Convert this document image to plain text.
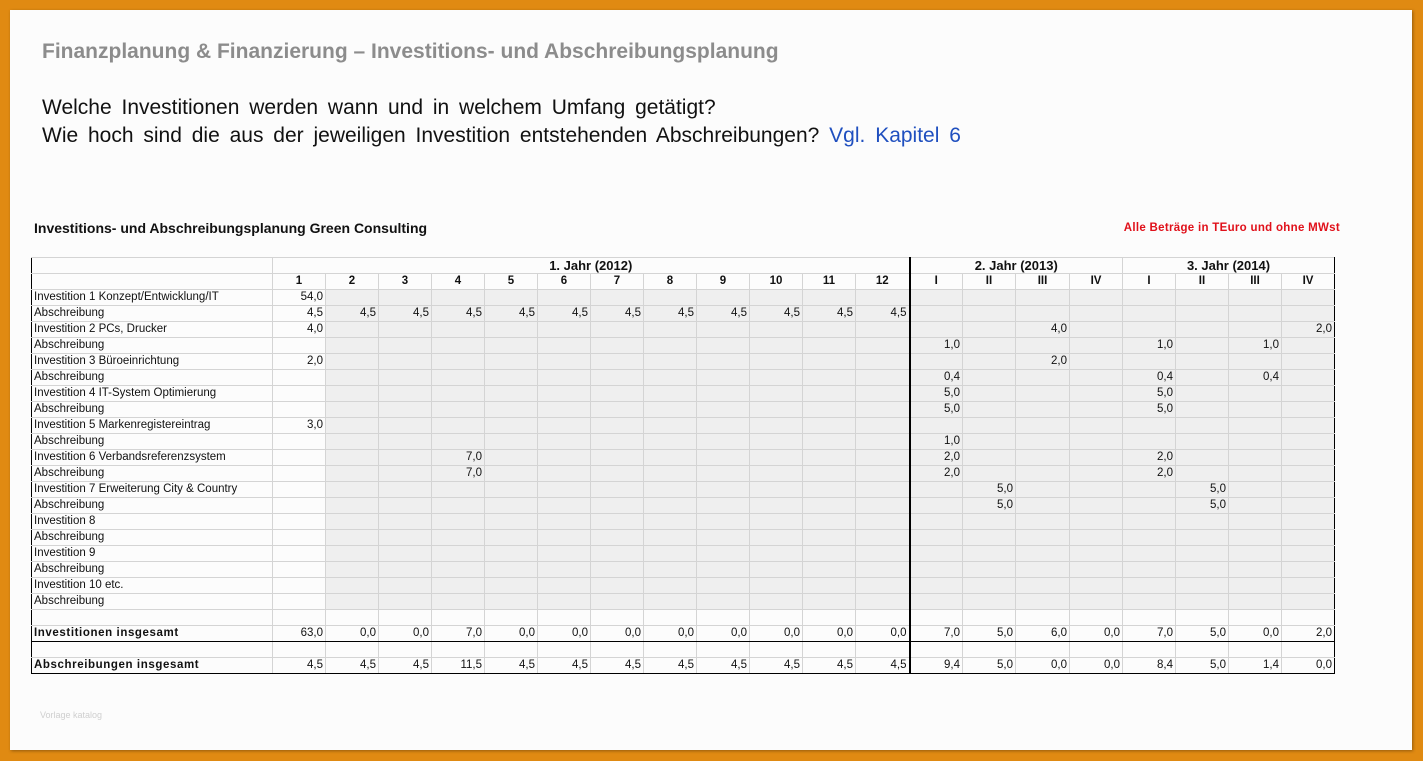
Finanzplanung & Finanzierung – Investitions- und Abschreibungsplanung
Welche Investitionen werden wann und in welchem Umfang getätigt?
Wie hoch sind die aus der jeweiligen Investition entstehenden Abschreibungen? Vgl. Kapitel 6
Investitions- und Abschreibungsplanung Green Consulting	Alle Beträge in TEuro und ohne MWst
	1. Jahr (2012)												2. Jahr (2013)				3. Jahr (2014)			
	1	2	3	4	5	6	7	8	9	10	11	12	I	II	III	IV	I	II	III	IV
Investition 1 Konzept/Entwicklung/IT	54,0																			
Abschreibung	4,5	4,5	4,5	4,5	4,5	4,5	4,5	4,5	4,5	4,5	4,5	4,5								
Investition 2 PCs, Drucker	4,0														4,0					2,0
Abschreibung													1,0				1,0		1,0	
Investition 3 Büroeinrichtung	2,0														2,0					
Abschreibung													0,4				0,4		0,4	
Investition 4 IT-System Optimierung													5,0				5,0			
Abschreibung													5,0				5,0			
Investition 5 Markenregistereintrag	3,0																			
Abschreibung													1,0							
Investition 6 Verbandsreferenzsystem				7,0									2,0				2,0			
Abschreibung				7,0									2,0				2,0			
Investition 7 Erweiterung City & Country														5,0				5,0		
Abschreibung														5,0				5,0		
Investition 8																				
Abschreibung																				
Investition 9																				
Abschreibung																				
Investition 10 etc.																				
Abschreibung																				

Investitionen insgesamt	63,0	0,0	0,0	7,0	0,0	0,0	0,0	0,0	0,0	0,0	0,0	0,0	7,0	5,0	6,0	0,0	7,0	5,0	0,0	2,0

Abschreibungen insgesamt	4,5	4,5	4,5	11,5	4,5	4,5	4,5	4,5	4,5	4,5	4,5	4,5	9,4	5,0	0,0	0,0	8,4	5,0	1,4	0,0
Vorlage katalog
